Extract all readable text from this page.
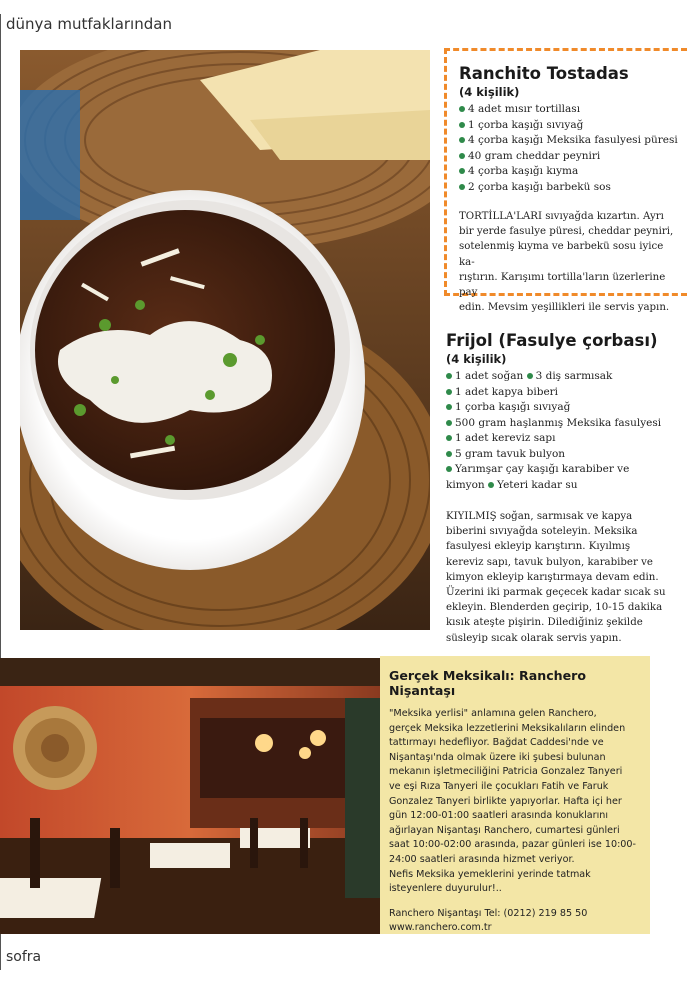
dünya mutfaklarından
Ranchito Tostadas
(4 kişilik)
4 adet mısır tortillası
1 çorba kaşığı sıvıyağ
4 çorba kaşığı Meksika fasulyesi püresi
40 gram cheddar peyniri
4 çorba kaşığı kıyma
2 çorba kaşığı barbekü sos

TORTİLLA'LARI sıvıyağda kızartın. Ayrı
bir yerde fasulye püresi, cheddar peyniri,
sotelenmiş kıyma ve barbekü sosu iyice ka-
rıştırın. Karışımı tortilla'ların üzerlerine pay
edin. Mevsim yeşillikleri ile servis yapın.

Frijol (Fasulye çorbası)
(4 kişilik)
1 adet soğan 3 diş sarmısak
1 adet kapya biberi
1 çorba kaşığı sıvıyağ
500 gram haşlanmış Meksika fasulyesi
1 adet kereviz sapı
5 gram tavuk bulyon
Yarımşar çay kaşığı karabiber ve
kimyon Yeteri kadar su

KIYILMIŞ soğan, sarmısak ve kapya
biberini sıvıyağda soteleyin. Meksika
fasulyesi ekleyip karıştırın. Kıyılmış
kereviz sapı, tavuk bulyon, karabiber ve
kimyon ekleyip karıştırmaya devam edin.
Üzerini iki parmak geçecek kadar sıcak su
ekleyin. Blenderden geçirip, 10-15 dakika
kısık ateşte pişirin. Dilediğiniz şekilde
süsleyip sıcak olarak servis yapın.

Gerçek Meksikalı: Ranchero Nişantaşı

"Meksika yerlisi" anlamına gelen Ranchero,
gerçek Meksika lezzetlerini Meksikalıların elinden
tattırmayı hedefliyor. Bağdat Caddesi'nde ve
Nişantaşı'nda olmak üzere iki şubesi bulunan
mekanın işletmeciliğini Patricia Gonzalez Tanyeri
ve eşi Rıza Tanyeri ile çocukları Fatih ve Faruk
Gonzalez Tanyeri birlikte yapıyorlar. Hafta içi her
gün 12:00-01:00 saatleri arasında konuklarını
ağırlayan Nişantaşı Ranchero, cumartesi günleri
saat 10:00-02:00 arasında, pazar günleri ise 10:00-
24:00 saatleri arasında hizmet veriyor.
Nefis Meksika yemeklerini yerinde tatmak
isteyenlere duyurulur!..

Ranchero Nişantaşı Tel: (0212) 219 85 50
www.ranchero.com.tr

sofra
